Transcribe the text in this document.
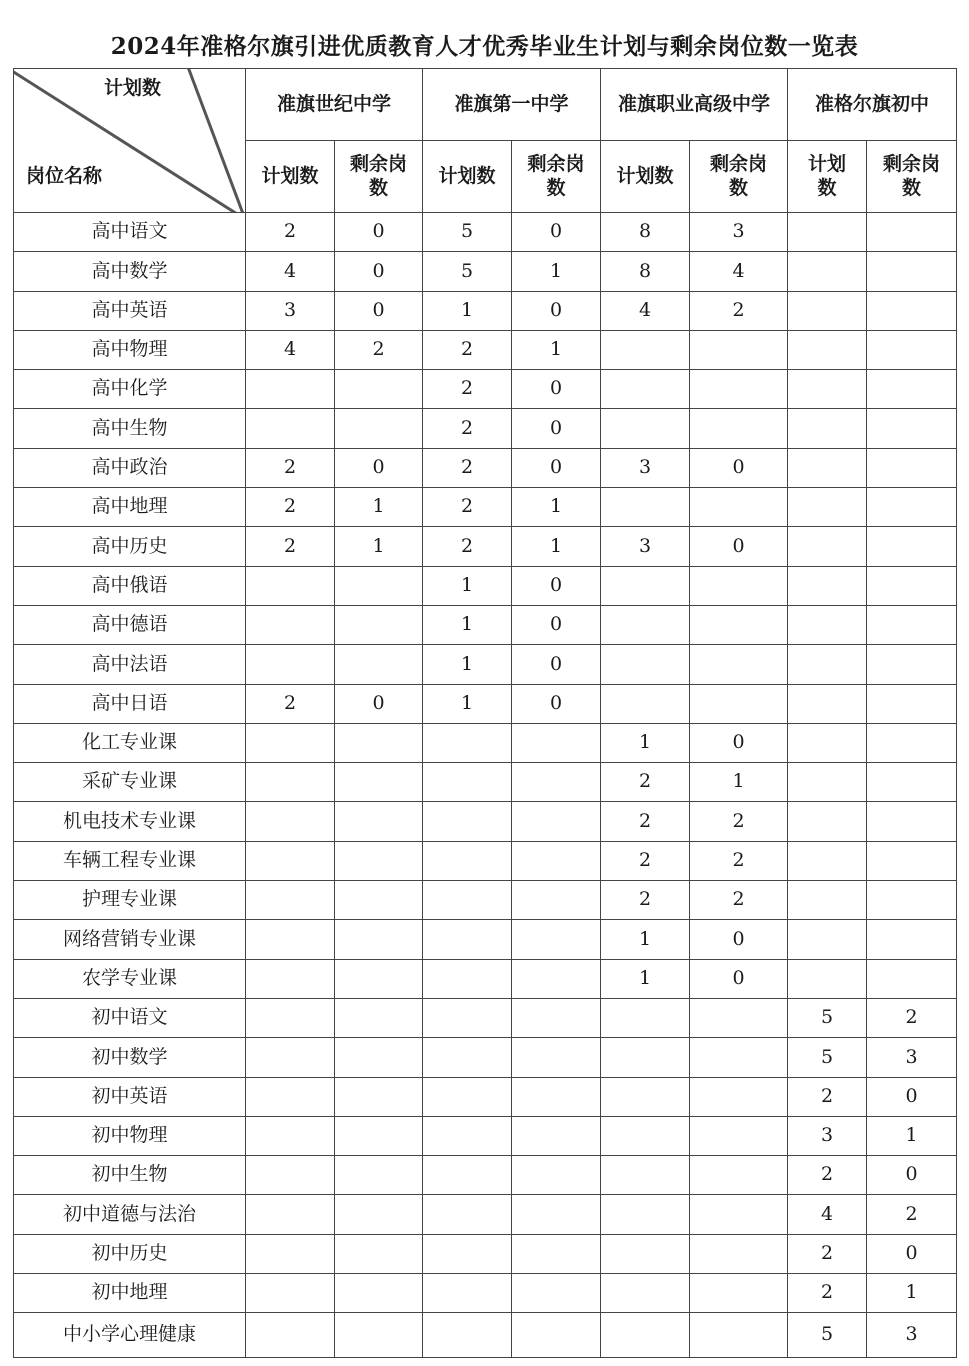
2024年准格尔旗引进优质教育人才优秀毕业生计划与剩余岗位数一览表
计划数
岗位名称	准旗世纪中学		准旗第一中学		准旗职业高级中学		准格尔旗初中	
	计划数	剩余岗数	计划数	剩余岗数	计划数	剩余岗数	计划数	剩余岗数
高中语文	2	0	5	0	8	3		
高中数学	4	0	5	1	8	4		
高中英语	3	0	1	0	4	2		
高中物理	4	2	2	1				
高中化学			2	0				
高中生物			2	0				
高中政治	2	0	2	0	3	0		
高中地理	2	1	2	1				
高中历史	2	1	2	1	3	0		
高中俄语			1	0				
高中德语			1	0				
高中法语			1	0				
高中日语	2	0	1	0				
化工专业课					1	0		
采矿专业课					2	1		
机电技术专业课					2	2		
车辆工程专业课					2	2		
护理专业课					2	2		
网络营销专业课					1	0		
农学专业课					1	0		
初中语文							5	2
初中数学							5	3
初中英语							2	0
初中物理							3	1
初中生物							2	0
初中道德与法治							4	2
初中历史							2	0
初中地理							2	1
中小学心理健康							5	3
